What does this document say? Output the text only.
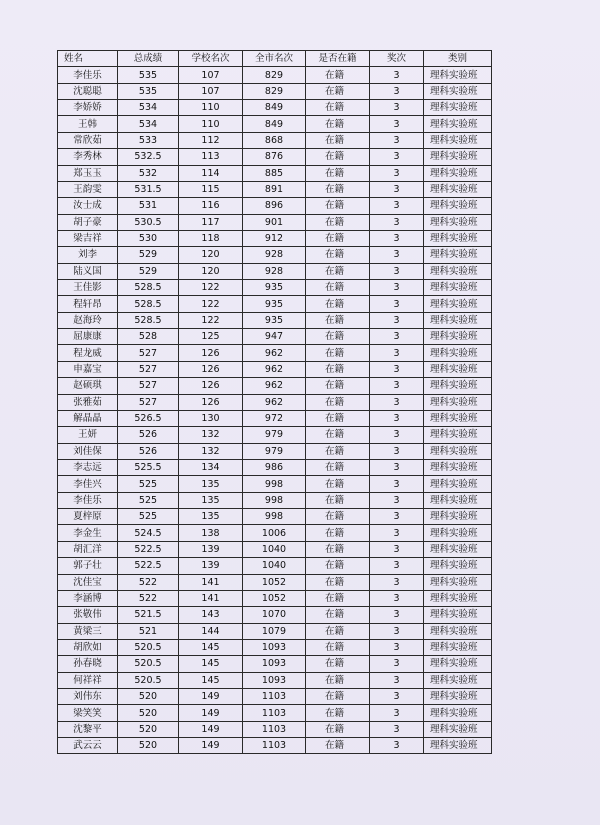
姓名	总成绩	学校名次	全市名次	是否在籍	奖次	类别
李佳乐	535	107	829	在籍	3	理科实验班
沈聪聪	535	107	829	在籍	3	理科实验班
李娇娇	534	110	849	在籍	3	理科实验班
王韩	534	110	849	在籍	3	理科实验班
常欣茹	533	112	868	在籍	3	理科实验班
李秀林	532.5	113	876	在籍	3	理科实验班
郑玉玉	532	114	885	在籍	3	理科实验班
王韵雯	531.5	115	891	在籍	3	理科实验班
汝士成	531	116	896	在籍	3	理科实验班
胡子豪	530.5	117	901	在籍	3	理科实验班
梁吉祥	530	118	912	在籍	3	理科实验班
刘李	529	120	928	在籍	3	理科实验班
陆义国	529	120	928	在籍	3	理科实验班
王佳影	528.5	122	935	在籍	3	理科实验班
程轩昂	528.5	122	935	在籍	3	理科实验班
赵海玲	528.5	122	935	在籍	3	理科实验班
屈康康	528	125	947	在籍	3	理科实验班
程龙威	527	126	962	在籍	3	理科实验班
申嘉宝	527	126	962	在籍	3	理科实验班
赵硕琪	527	126	962	在籍	3	理科实验班
张雅茹	527	126	962	在籍	3	理科实验班
解晶晶	526.5	130	972	在籍	3	理科实验班
王妍	526	132	979	在籍	3	理科实验班
刘佳保	526	132	979	在籍	3	理科实验班
李志远	525.5	134	986	在籍	3	理科实验班
李佳兴	525	135	998	在籍	3	理科实验班
李佳乐	525	135	998	在籍	3	理科实验班
夏梓原	525	135	998	在籍	3	理科实验班
李金生	524.5	138	1006	在籍	3	理科实验班
胡汇洋	522.5	139	1040	在籍	3	理科实验班
郭子壮	522.5	139	1040	在籍	3	理科实验班
沈佳宝	522	141	1052	在籍	3	理科实验班
李涵博	522	141	1052	在籍	3	理科实验班
张敬伟	521.5	143	1070	在籍	3	理科实验班
黄梁三	521	144	1079	在籍	3	理科实验班
胡欣如	520.5	145	1093	在籍	3	理科实验班
孙春晓	520.5	145	1093	在籍	3	理科实验班
何祥祥	520.5	145	1093	在籍	3	理科实验班
刘伟东	520	149	1103	在籍	3	理科实验班
梁笑笑	520	149	1103	在籍	3	理科实验班
沈黎平	520	149	1103	在籍	3	理科实验班
武云云	520	149	1103	在籍	3	理科实验班
